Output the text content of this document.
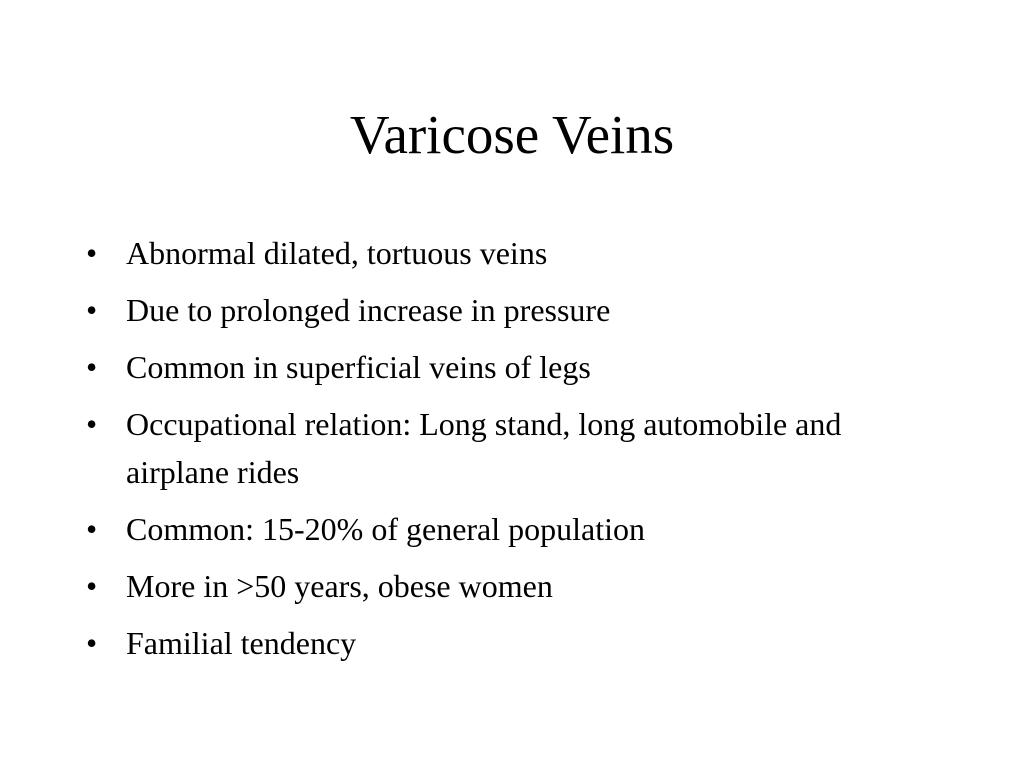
Varicose Veins
• Abnormal dilated, tortuous veins
• Due to prolonged increase in pressure
• Common in superficial veins of legs
• Occupational relation: Long stand, long automobile and airplane rides
• Common: 15-20% of general population
• More in >50 years, obese women
• Familial tendency
